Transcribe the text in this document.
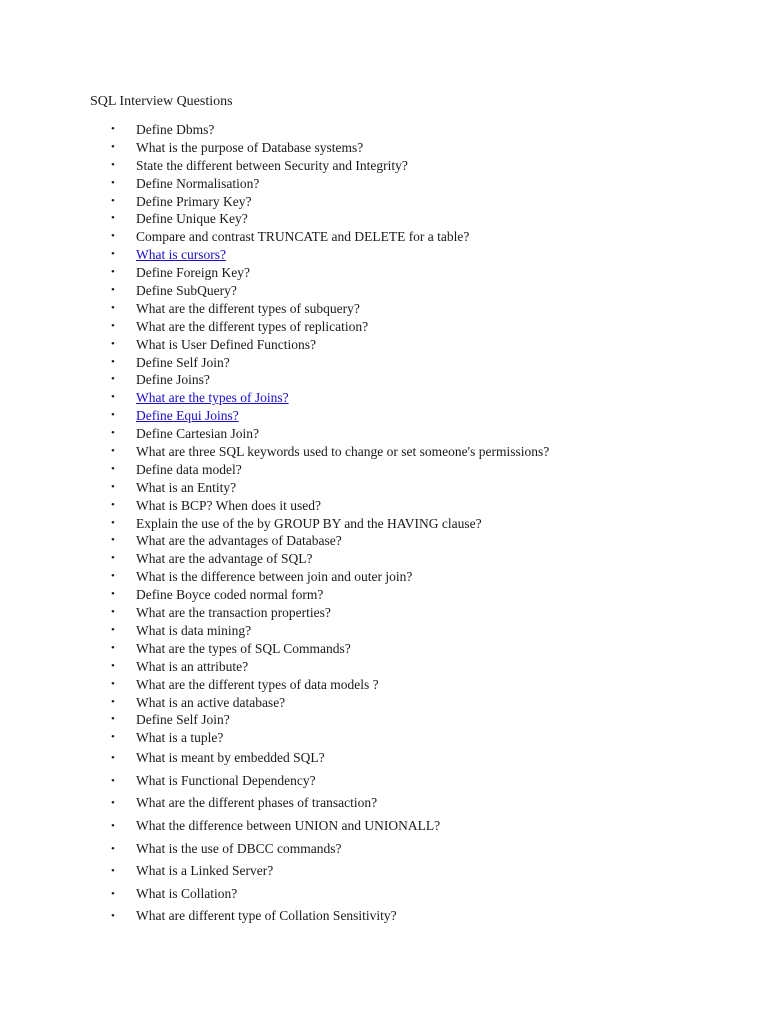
SQL Interview Questions
• Define Dbms?
• What is the purpose of Database systems?
• State the different between Security and Integrity?
• Define Normalisation?
• Define Primary Key?
• Define Unique Key?
• Compare and contrast TRUNCATE and DELETE for a table?
• What is cursors?
• Define Foreign Key?
• Define SubQuery?
• What are the different types of subquery?
• What are the different types of replication?
• What is User Defined Functions?
• Define Self Join?
• Define Joins?
• What are the types of Joins?
• Define Equi Joins?
• Define Cartesian Join?
• What are three SQL keywords used to change or set someone's permissions?
• Define data model?
• What is an Entity?
• What is BCP? When does it used?
• Explain the use of the by GROUP BY and the HAVING clause?
• What are the advantages of Database?
• What are the advantage of SQL?
• What is the difference between join and outer join?
• Define Boyce coded normal form?
• What are the transaction properties?
• What is data mining?
• What are the types of SQL Commands?
• What is an attribute?
• What are the different types of data models ?
• What is an active database?
• Define Self Join?
• What is a tuple?
• What is meant by embedded SQL?
• What is Functional Dependency?
• What are the different phases of transaction?
• What the difference between UNION and UNIONALL?
• What is the use of DBCC commands?
• What is a Linked Server?
• What is Collation?
• What are different type of Collation Sensitivity?
